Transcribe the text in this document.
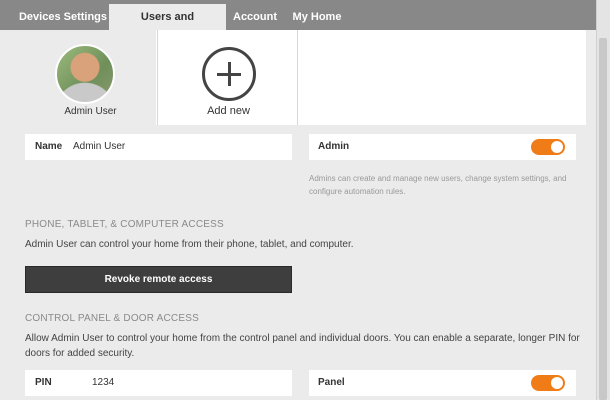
Devices Settings	Users and	Account	My Home
Admin User	Add new
Name Admin User	Admin
Admins can create and manage new users, change system settings, and configure automation rules.
PHONE, TABLET, & COMPUTER ACCESS
Admin User can control your home from their phone, tablet, and computer.
Revoke remote access
CONTROL PANEL & DOOR ACCESS
Allow Admin User to control your home from the control panel and individual doors. You can enable a separate, longer PIN for doors for added security.
PIN	1234	Panel
